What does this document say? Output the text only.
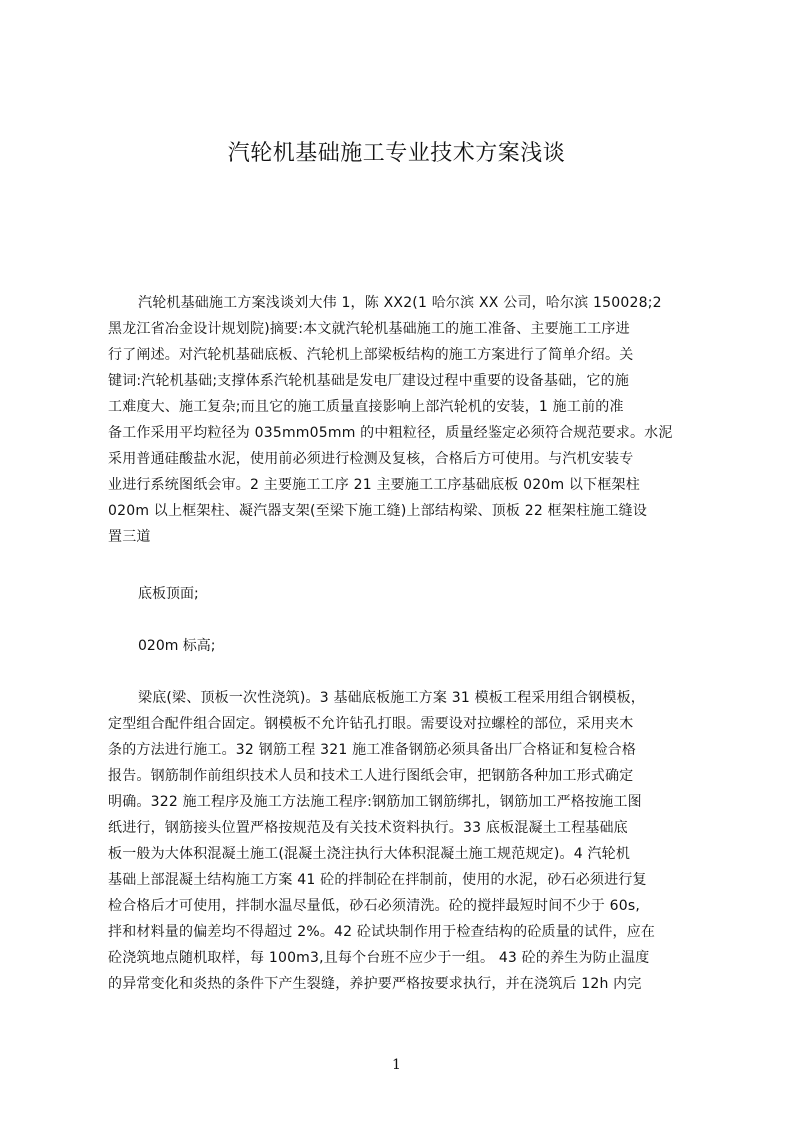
汽轮机基础施工专业技术方案浅谈
汽轮机基础施工方案浅谈刘大伟 1，陈 XX2(1 哈尔滨 XX 公司，哈尔滨 150028;2
黑龙江省冶金设计规划院)摘要:本文就汽轮机基础施工的施工准备、主要施工工序进
行了阐述。对汽轮机基础底板、汽轮机上部梁板结构的施工方案进行了简单介绍。关
键词:汽轮机基础;支撑体系汽轮机基础是发电厂建设过程中重要的设备基础，它的施
工难度大、施工复杂;而且它的施工质量直接影响上部汽轮机的安装，1 施工前的准
备工作采用平均粒径为 035mm05mm 的中粗粒径，质量经鉴定必须符合规范要求。水泥
采用普通硅酸盐水泥，使用前必须进行检测及复核，合格后方可使用。与汽机安装专
业进行系统图纸会审。2 主要施工工序 21 主要施工工序基础底板 020m 以下框架柱
020m 以上框架柱、凝汽器支架(至梁下施工缝)上部结构梁、顶板 22 框架柱施工缝设
置三道
底板顶面;
020m 标高;
梁底(梁、顶板一次性浇筑)。3 基础底板施工方案 31 模板工程采用组合钢模板，
定型组合配件组合固定。钢模板不允许钻孔打眼。需要设对拉螺栓的部位，采用夹木
条的方法进行施工。32 钢筋工程 321 施工准备钢筋必须具备出厂合格证和复检合格
报告。钢筋制作前组织技术人员和技术工人进行图纸会审，把钢筋各种加工形式确定
明确。322 施工程序及施工方法施工程序:钢筋加工钢筋绑扎，钢筋加工严格按施工图
纸进行，钢筋接头位置严格按规范及有关技术资料执行。33 底板混凝土工程基础底
板一般为大体积混凝土施工(混凝土浇注执行大体积混凝土施工规范规定)。4 汽轮机
基础上部混凝土结构施工方案 41 砼的拌制砼在拌制前，使用的水泥，砂石必须进行复
检合格后才可使用，拌制水温尽量低，砂石必须清洗。砼的搅拌最短时间不少于 60s,
拌和材料量的偏差均不得超过 2%。42 砼试块制作用于检查结构的砼质量的试件，应在
砼浇筑地点随机取样，每 100m3,且每个台班不应少于一组。 43 砼的养生为防止温度
的异常变化和炎热的条件下产生裂缝，养护要严格按要求执行，并在浇筑后 12h 内完
1
